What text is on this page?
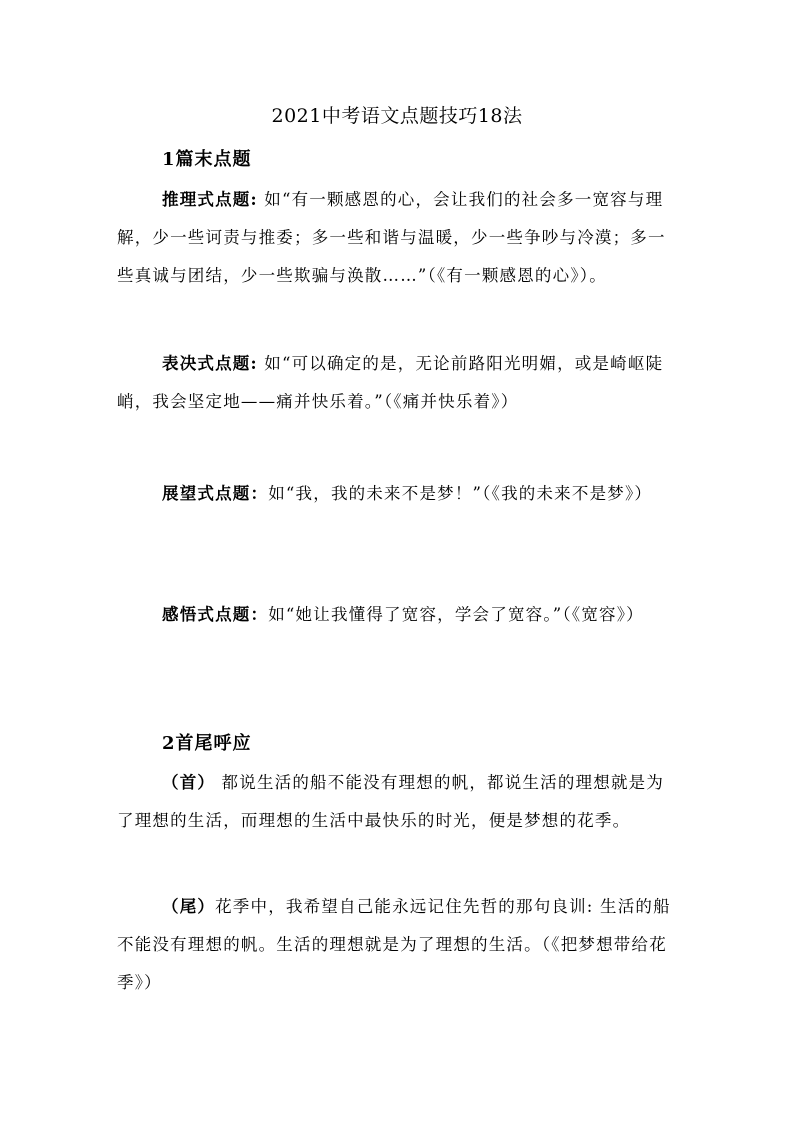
2021中考语文点题技巧18法
1篇末点题
推理式点题: 如“有一颗感恩的心，会让我们的社会多一宽容与理解，少一些诃责与推委；多一些和谐与温暖，少一些争吵与冷漠；多一些真诚与团结，少一些欺骗与涣散……”（《有一颗感恩的心》）。
表决式点题: 如“可以确定的是，无论前路阳光明媚，或是崎岖陡峭，我会坚定地——痛并快乐着。”（《痛并快乐着》）
展望式点题：如“我，我的未来不是梦！”（《我的未来不是梦》）
感悟式点题：如“她让我懂得了宽容，学会了宽容。”（《宽容》）
2首尾呼应
（首） 都说生活的船不能没有理想的帆，都说生活的理想就是为了理想的生活，而理想的生活中最快乐的时光，便是梦想的花季。
（尾）花季中，我希望自己能永远记住先哲的那句良训: 生活的船不能没有理想的帆。生活的理想就是为了理想的生活。（《把梦想带给花季》）
